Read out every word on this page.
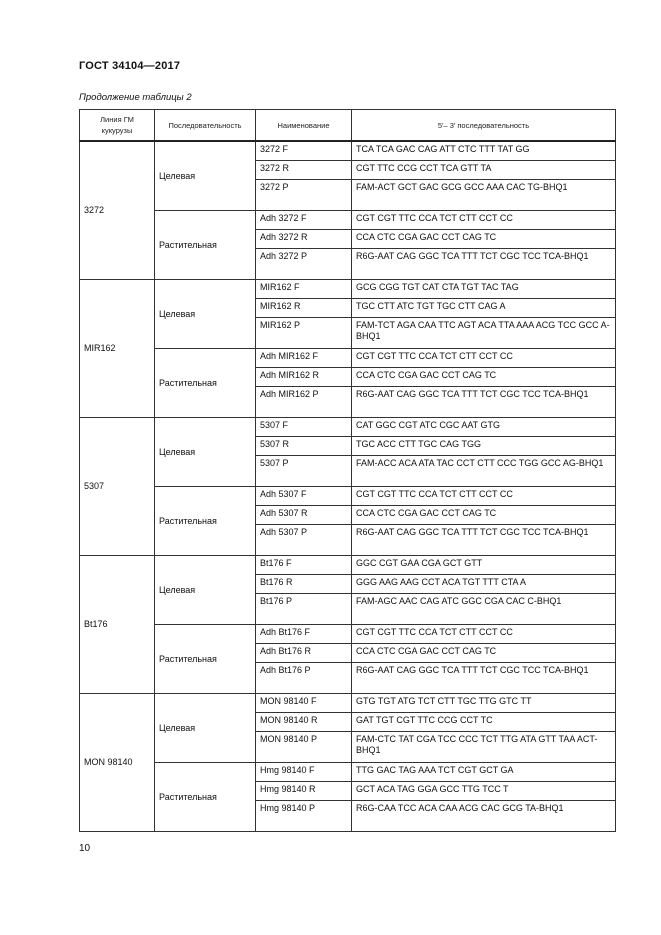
ГОСТ 34104—2017
Продолжение таблицы 2
Линия ГМ кукурузы	Последовательность	Наименование	5′– 3′ последовательность
3272	Целевая	3272 F	TCA TCA GAC CAG ATT CTC TTT TAT GG
		3272 R	CGT TTC CCG CCT TCA GTT TA
		3272 P	FAM-ACT GCT GAC GCG GCC AAA CAC TG-BHQ1
	Растительная	Adh 3272 F	CGT CGT TTC CCA TCT CTT CCT CC
		Adh 3272 R	CCA CTC CGA GAC CCT CAG TC
		Adh 3272 P	R6G-AAT CAG GGC TCA TTT TCT CGC TCC TCA-BHQ1
MIR162	Целевая	MIR162 F	GCG CGG TGT CAT CTA TGT TAC TAG
		MIR162 R	TGC CTT ATC TGT TGC CTT CAG A
		MIR162 P	FAM-TCT AGA CAA TTC AGT ACA TTA AAA ACG TCC GCC A-BHQ1
	Растительная	Adh MIR162 F	CGT CGT TTC CCA TCT CTT CCT CC
		Adh MIR162 R	CCA CTC CGA GAC CCT CAG TC
		Adh MIR162 P	R6G-AAT CAG GGC TCA TTT TCT CGC TCC TCA-BHQ1
5307	Целевая	5307 F	CAT GGC CGT ATC CGC AAT GTG
		5307 R	TGC ACC CTT TGC CAG TGG
		5307 P	FAM-ACC ACA ATA TAC CCT CTT CCC TGG GCC AG-BHQ1
	Растительная	Adh 5307 F	CGT CGT TTC CCA TCT CTT CCT CC
		Adh 5307 R	CCA CTC CGA GAC CCT CAG TC
		Adh 5307 P	R6G-AAT CAG GGC TCA TTT TCT CGC TCC TCA-BHQ1
Bt176	Целевая	Bt176 F	GGC CGT GAA CGA GCT GTT
		Bt176 R	GGG AAG AAG CCT ACA TGT TTT CTA A
		Bt176 P	FAM-AGC AAC CAG ATC GGC CGA CAC C-BHQ1
	Растительная	Adh Bt176 F	CGT CGT TTC CCA TCT CTT CCT CC
		Adh Bt176 R	CCA CTC CGA GAC CCT CAG TC
		Adh Bt176 P	R6G-AAT CAG GGC TCA TTT TCT CGC TCC TCA-BHQ1
MON 98140	Целевая	MON 98140 F	GTG TGT ATG TCT CTT TGC TTG GTC TT
		MON 98140 R	GAT TGT CGT TTC CCG CCT TC
		MON 98140 P	FAM-CTC TAT CGA TCC CCC TCT TTG ATA GTT TAA ACT-BHQ1
	Растительная	Hmg 98140 F	TTG GAC TAG AAA TCT CGT GCT GA
		Hmg 98140 R	GCT ACA TAG GGA GCC TTG TCC T
		Hmg 98140 P	R6G-CAA TCC ACA CAA ACG CAC GCG TA-BHQ1
10
